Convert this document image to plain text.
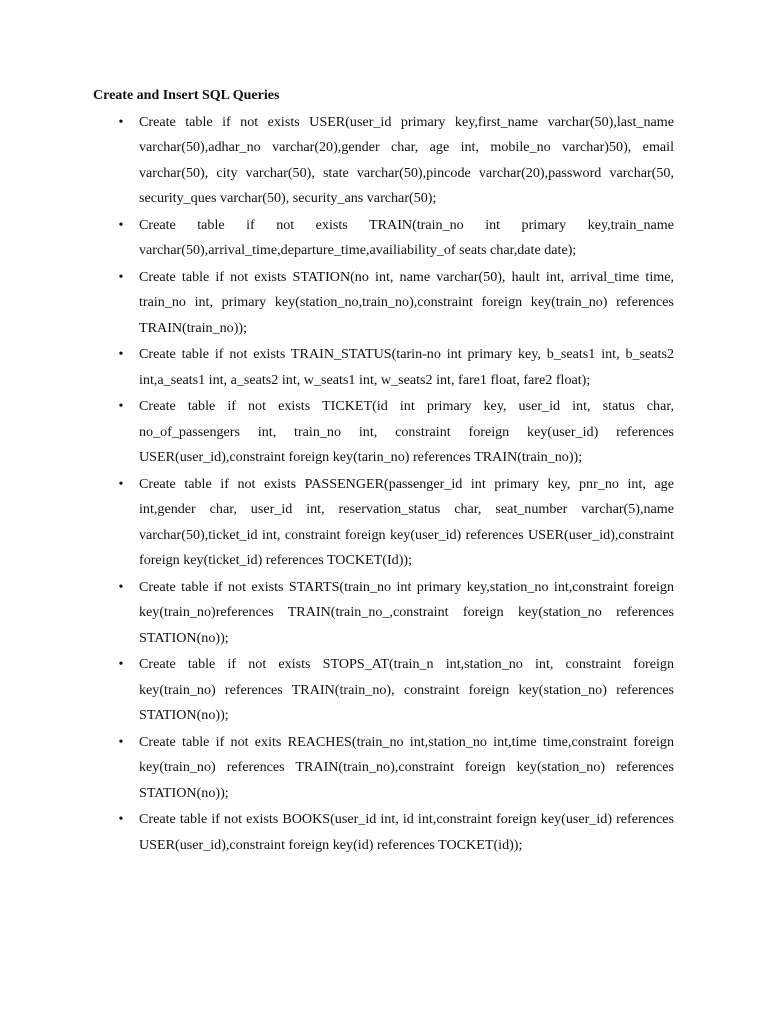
Create and Insert SQL Queries
•	Create table if not exists USER(user_id primary key,first_name varchar(50),last_name varchar(50),adhar_no varchar(20),gender char, age int, mobile_no varchar)50), email varchar(50), city varchar(50), state varchar(50),pincode varchar(20),password varchar(50, security_ques varchar(50), security_ans varchar(50);
•	Create table if not exists TRAIN(train_no int primary key,train_name varchar(50),arrival_time,departure_time,availiability_of seats char,date date);
•	Create table if not exists STATION(no int, name varchar(50), hault int, arrival_time time, train_no int, primary key(station_no,train_no),constraint foreign key(train_no) references TRAIN(train_no));
•	Create table if not exists TRAIN_STATUS(tarin-no int primary key, b_seats1 int, b_seats2 int,a_seats1 int, a_seats2 int, w_seats1 int, w_seats2 int, fare1 float, fare2 float);
•	Create table if not exists TICKET(id int primary key, user_id int, status char, no_of_passengers int, train_no int, constraint foreign key(user_id) references USER(user_id),constraint foreign key(tarin_no) references TRAIN(train_no));
•	Create table if not exists PASSENGER(passenger_id int primary key, pnr_no int, age int,gender char, user_id int, reservation_status char, seat_number varchar(5),name varchar(50),ticket_id int, constraint foreign key(user_id) references USER(user_id),constraint foreign key(ticket_id) references TOCKET(Id));
•	Create table if not exists STARTS(train_no int primary key,station_no int,constraint foreign key(train_no)references TRAIN(train_no_,constraint foreign key(station_no references STATION(no));
•	Create table if not exists STOPS_AT(train_n int,station_no int, constraint foreign key(train_no) references TRAIN(train_no), constraint foreign key(station_no) references STATION(no));
•	Create table if not exits REACHES(train_no int,station_no int,time time,constraint foreign key(train_no) references TRAIN(train_no),constraint foreign key(station_no) references STATION(no));
•	Create table if not exists BOOKS(user_id int, id int,constraint foreign key(user_id) references USER(user_id),constraint foreign key(id) references TOCKET(id));
